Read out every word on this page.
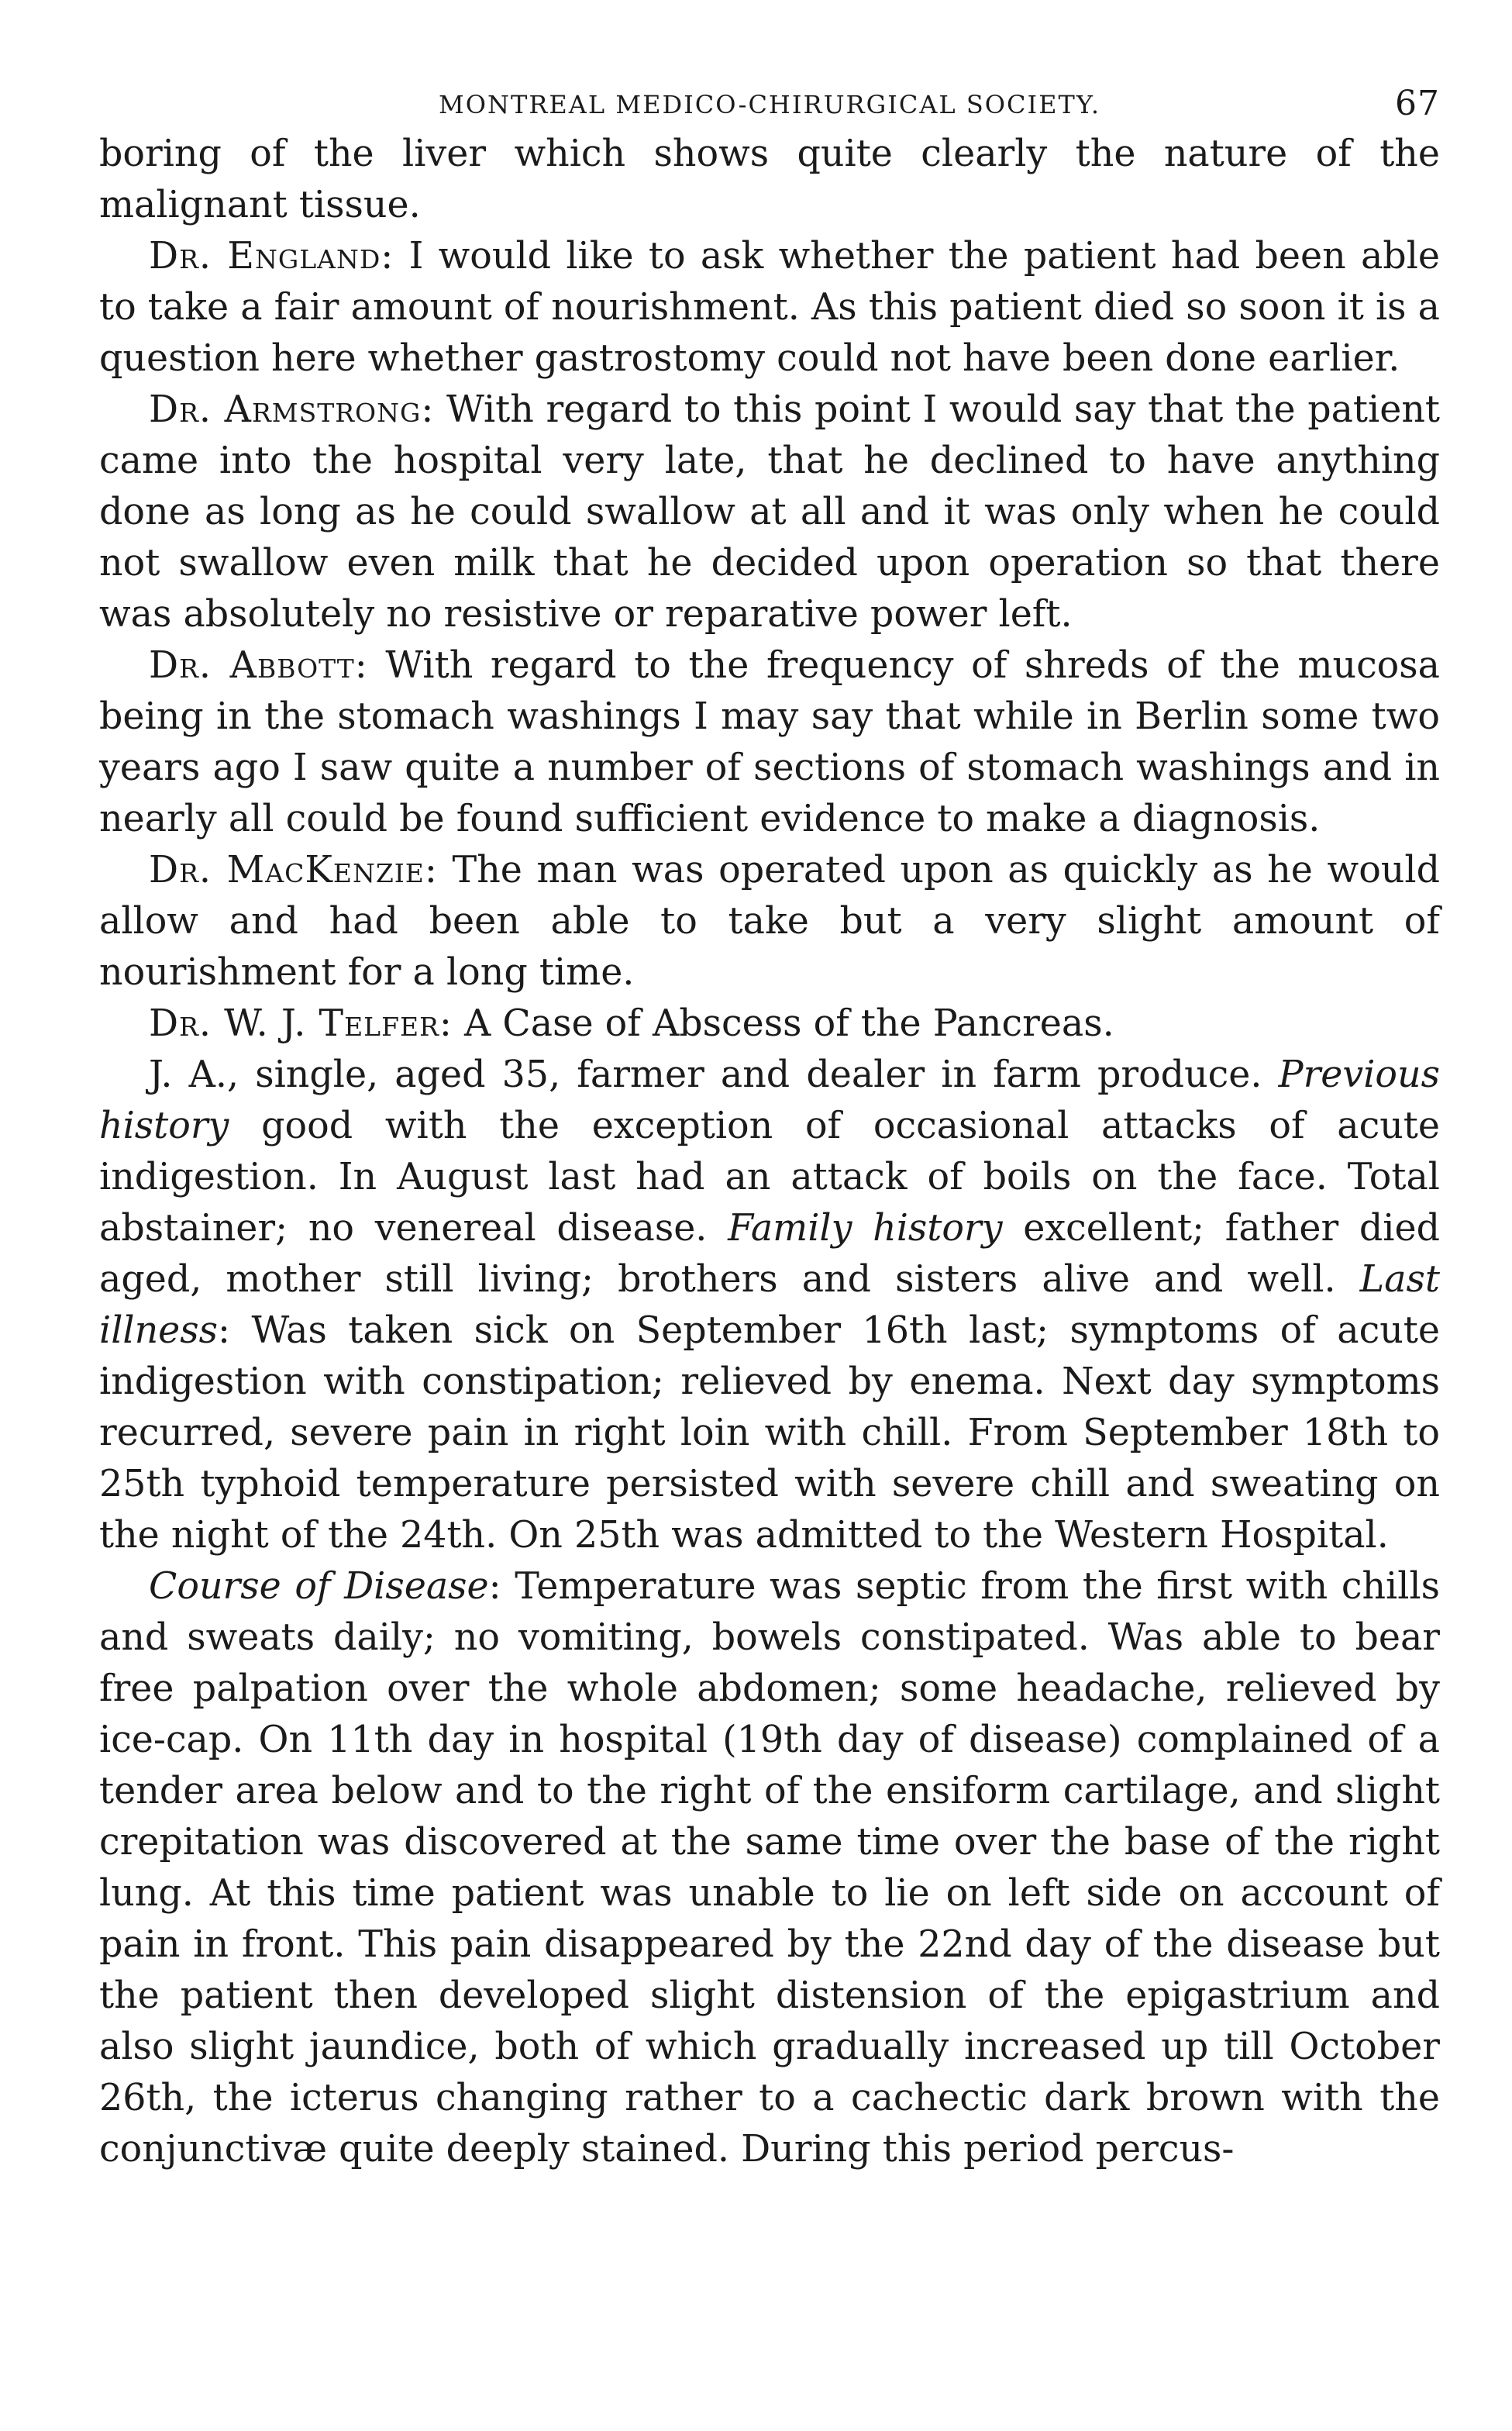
MONTREAL MEDICO-CHIRURGICAL SOCIETY.	67

boring of the liver which shows quite clearly the nature of the malignant tissue.

Dr. England: I would like to ask whether the patient had been able to take a fair amount of nourishment. As this patient died so soon it is a question here whether gastrostomy could not have been done earlier.

Dr. Armstrong: With regard to this point I would say that the patient came into the hospital very late, that he declined to have anything done as long as he could swallow at all and it was only when he could not swallow even milk that he decided upon operation so that there was absolutely no resistive or reparative power left.

Dr. Abbott: With regard to the frequency of shreds of the mucosa being in the stomach washings I may say that while in Berlin some two years ago I saw quite a number of sections of stomach washings and in nearly all could be found sufficient evidence to make a diagnosis.

Dr. MacKenzie: The man was operated upon as quickly as he would allow and had been able to take but a very slight amount of nourishment for a long time.

Dr. W. J. Telfer: A Case of Abscess of the Pancreas.

J. A., single, aged 35, farmer and dealer in farm produce. Previous history good with the exception of occasional attacks of acute indigestion. In August last had an attack of boils on the face. Total abstainer; no venereal disease. Family history excellent; father died aged, mother still living; brothers and sisters alive and well. Last illness: Was taken sick on September 16th last; symptoms of acute indigestion with constipation; relieved by enema. Next day symptoms recurred, severe pain in right loin with chill. From September 18th to 25th typhoid temperature persisted with severe chill and sweating on the night of the 24th. On 25th was admitted to the Western Hospital.

Course of Disease: Temperature was septic from the first with chills and sweats daily; no vomiting, bowels constipated. Was able to bear free palpation over the whole abdomen; some headache, relieved by ice-cap. On 11th day in hospital (19th day of disease) complained of a tender area below and to the right of the ensiform cartilage, and slight crepitation was discovered at the same time over the base of the right lung. At this time patient was unable to lie on left side on account of pain in front. This pain disappeared by the 22nd day of the disease but the patient then developed slight distension of the epigastrium and also slight jaundice, both of which gradually increased up till October 26th, the icterus changing rather to a cachectic dark brown with the conjunctivæ quite deeply stained. During this period percus-
